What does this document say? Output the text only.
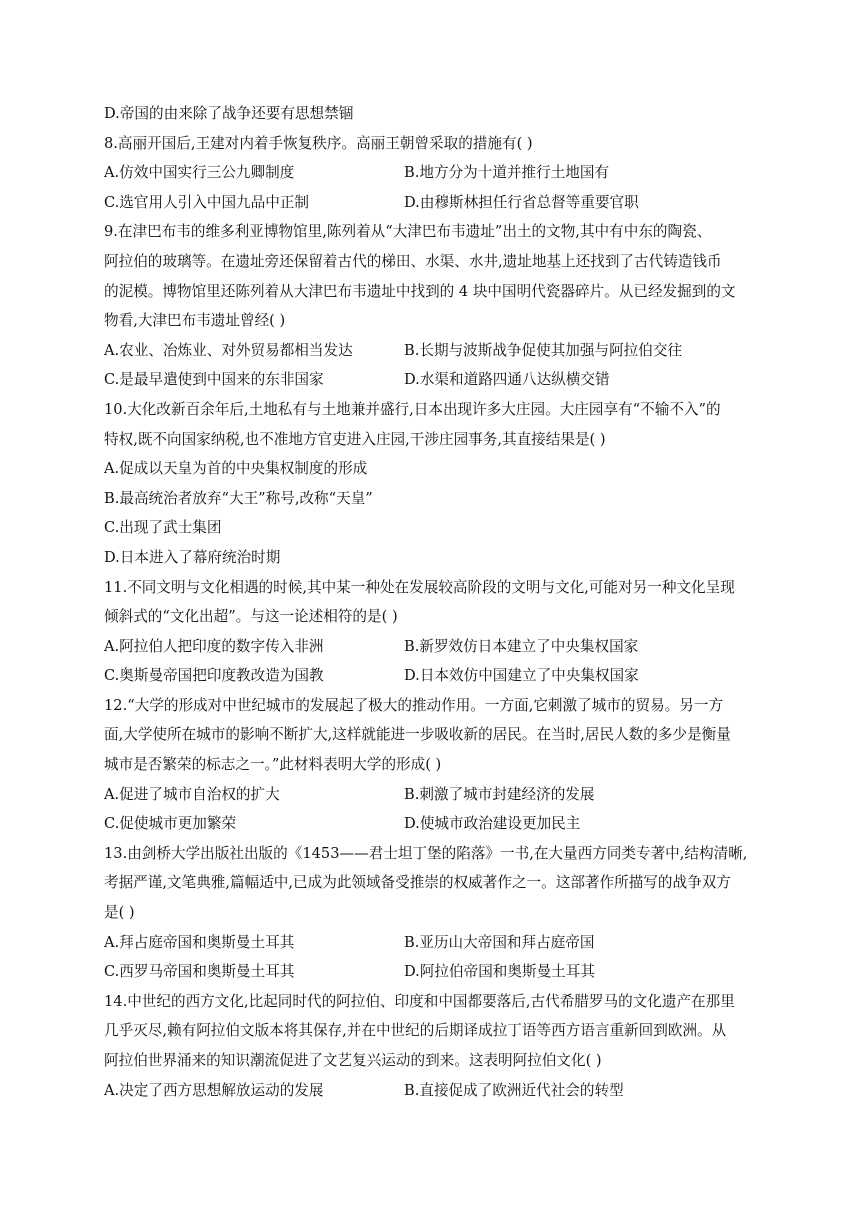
D.帝国的由来除了战争还要有思想禁锢
8.高丽开国后,王建对内着手恢复秩序。高丽王朝曾采取的措施有( )
A.仿效中国实行三公九卿制度	B.地方分为十道并推行土地国有
C.选官用人引入中国九品中正制	D.由穆斯林担任行省总督等重要官职
9.在津巴布韦的维多利亚博物馆里,陈列着从“大津巴布韦遗址”出土的文物,其中有中东的陶瓷、
阿拉伯的玻璃等。在遗址旁还保留着古代的梯田、水渠、水井,遗址地基上还找到了古代铸造钱币
的泥模。博物馆里还陈列着从大津巴布韦遗址中找到的 4 块中国明代瓷器碎片。从已经发掘到的文
物看,大津巴布韦遗址曾经( )
A.农业、冶炼业、对外贸易都相当发达	B.长期与波斯战争促使其加强与阿拉伯交往
C.是最早遣使到中国来的东非国家	D.水渠和道路四通八达纵横交错
10.大化改新百余年后,土地私有与土地兼并盛行,日本出现许多大庄园。大庄园享有“不输不入”的
特权,既不向国家纳税,也不准地方官吏进入庄园,干涉庄园事务,其直接结果是( )
A.促成以天皇为首的中央集权制度的形成
B.最高统治者放弃“大王”称号,改称“天皇”
C.出现了武士集团
D.日本进入了幕府统治时期
11.不同文明与文化相遇的时候,其中某一种处在发展较高阶段的文明与文化,可能对另一种文化呈现
倾斜式的“文化出超”。与这一论述相符的是( )
A.阿拉伯人把印度的数字传入非洲	B.新罗效仿日本建立了中央集权国家
C.奥斯曼帝国把印度教改造为国教	D.日本效仿中国建立了中央集权国家
12.“大学的形成对中世纪城市的发展起了极大的推动作用。一方面,它刺激了城市的贸易。另一方
面,大学使所在城市的影响不断扩大,这样就能进一步吸收新的居民。在当时,居民人数的多少是衡量
城市是否繁荣的标志之一。”此材料表明大学的形成( )
A.促进了城市自治权的扩大	B.刺激了城市封建经济的发展
C.促使城市更加繁荣	D.使城市政治建设更加民主
13.由剑桥大学出版社出版的《1453——君士坦丁堡的陷落》一书,在大量西方同类专著中,结构清晰,
考据严谨,文笔典雅,篇幅适中,已成为此领域备受推崇的权威著作之一。这部著作所描写的战争双方
是( )
A.拜占庭帝国和奥斯曼土耳其	B.亚历山大帝国和拜占庭帝国
C.西罗马帝国和奥斯曼土耳其	D.阿拉伯帝国和奥斯曼土耳其
14.中世纪的西方文化,比起同时代的阿拉伯、印度和中国都要落后,古代希腊罗马的文化遗产在那里
几乎灭尽,赖有阿拉伯文版本将其保存,并在中世纪的后期译成拉丁语等西方语言重新回到欧洲。从
阿拉伯世界涌来的知识潮流促进了文艺复兴运动的到来。这表明阿拉伯文化( )
A.决定了西方思想解放运动的发展	B.直接促成了欧洲近代社会的转型
